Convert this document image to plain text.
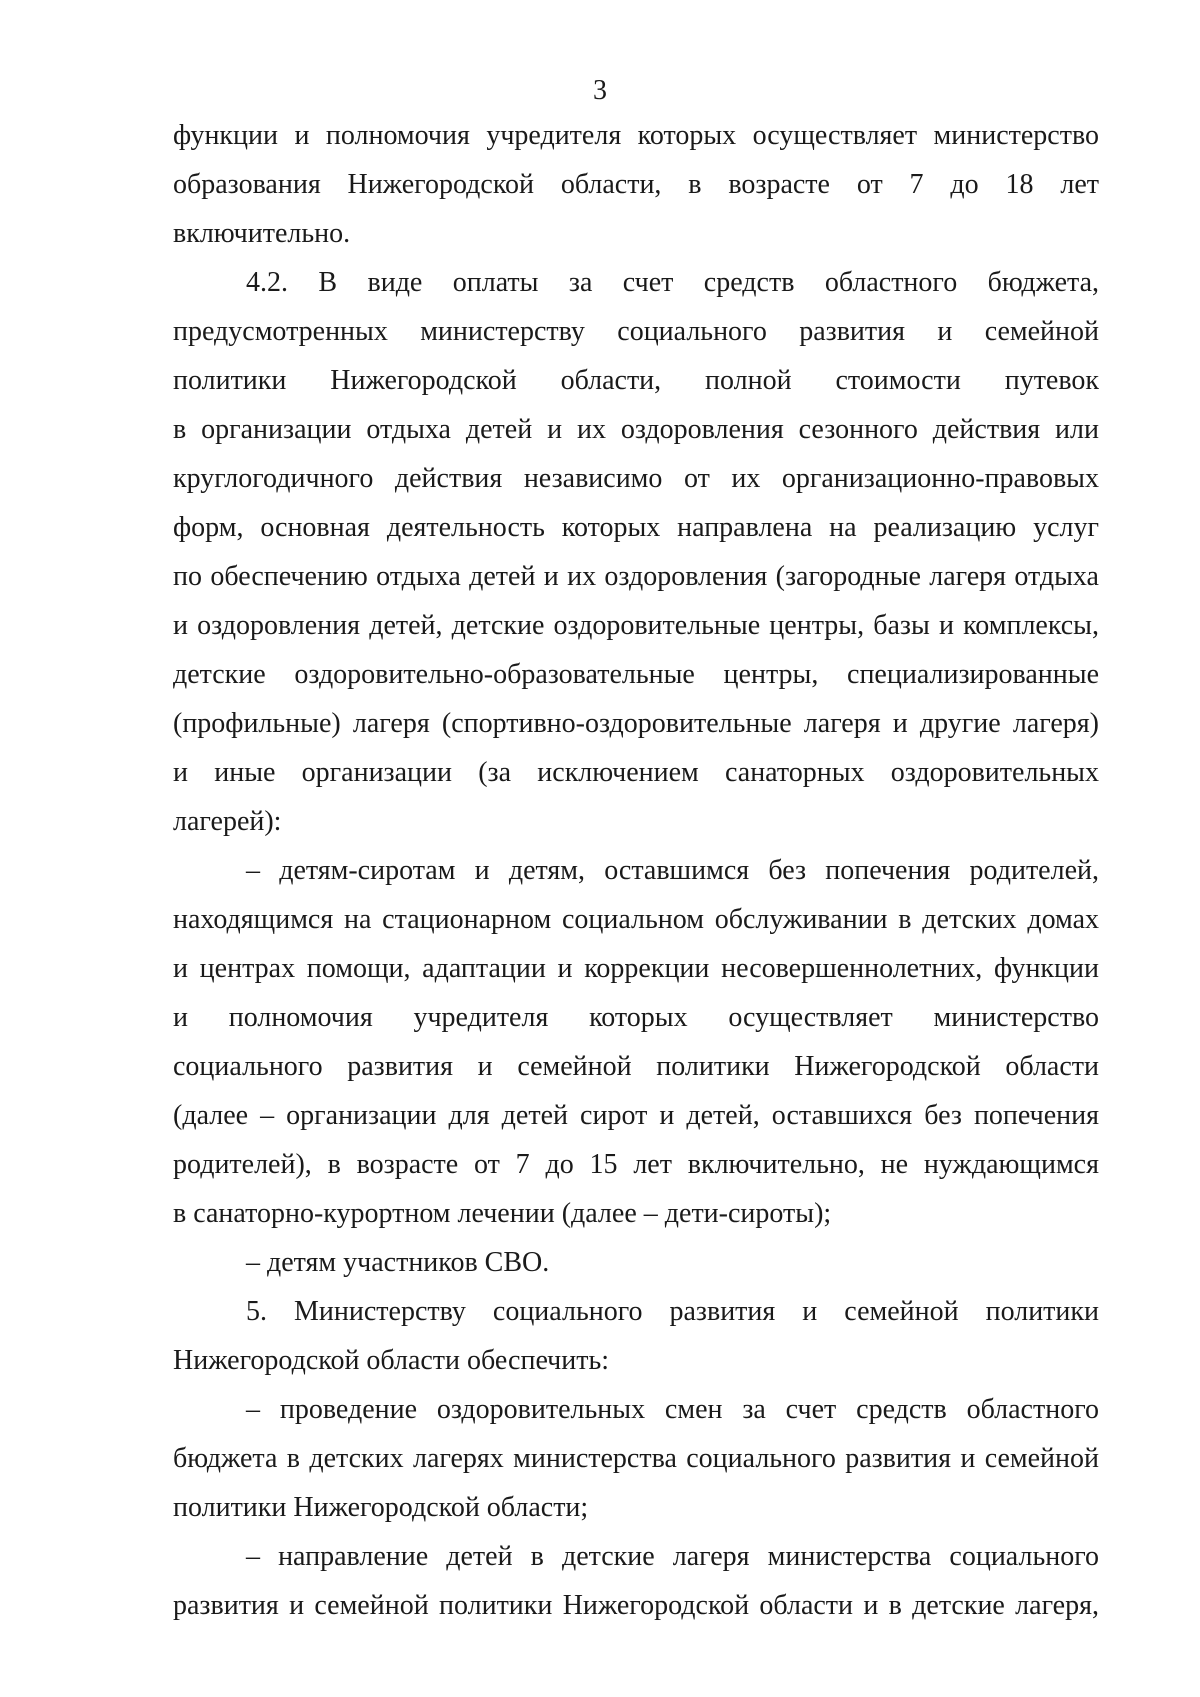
3
функции и полномочия учредителя которых осуществляет министерство
образования Нижегородской области, в возрасте от 7 до 18 лет
включительно.
4.2. В виде оплаты за счет средств областного бюджета,
предусмотренных министерству социального развития и семейной
политики Нижегородской области, полной стоимости путевок
в организации отдыха детей и их оздоровления сезонного действия или
круглогодичного действия независимо от их организационно-правовых
форм, основная деятельность которых направлена на реализацию услуг
по обеспечению отдыха детей и их оздоровления (загородные лагеря отдыха
и оздоровления детей, детские оздоровительные центры, базы и комплексы,
детские оздоровительно-образовательные центры, специализированные
(профильные) лагеря (спортивно-оздоровительные лагеря и другие лагеря)
и иные организации (за исключением санаторных оздоровительных
лагерей):
– детям-сиротам и детям, оставшимся без попечения родителей,
находящимся на стационарном социальном обслуживании в детских домах
и центрах помощи, адаптации и коррекции несовершеннолетних, функции
и полномочия учредителя которых осуществляет министерство
социального развития и семейной политики Нижегородской области
(далее – организации для детей сирот и детей, оставшихся без попечения
родителей), в возрасте от 7 до 15 лет включительно, не нуждающимся
в санаторно-курортном лечении (далее – дети-сироты);
– детям участников СВО.
5. Министерству социального развития и семейной политики
Нижегородской области обеспечить:
– проведение оздоровительных смен за счет средств областного
бюджета в детских лагерях министерства социального развития и семейной
политики Нижегородской области;
– направление детей в детские лагеря министерства социального
развития и семейной политики Нижегородской области и в детские лагеря,
